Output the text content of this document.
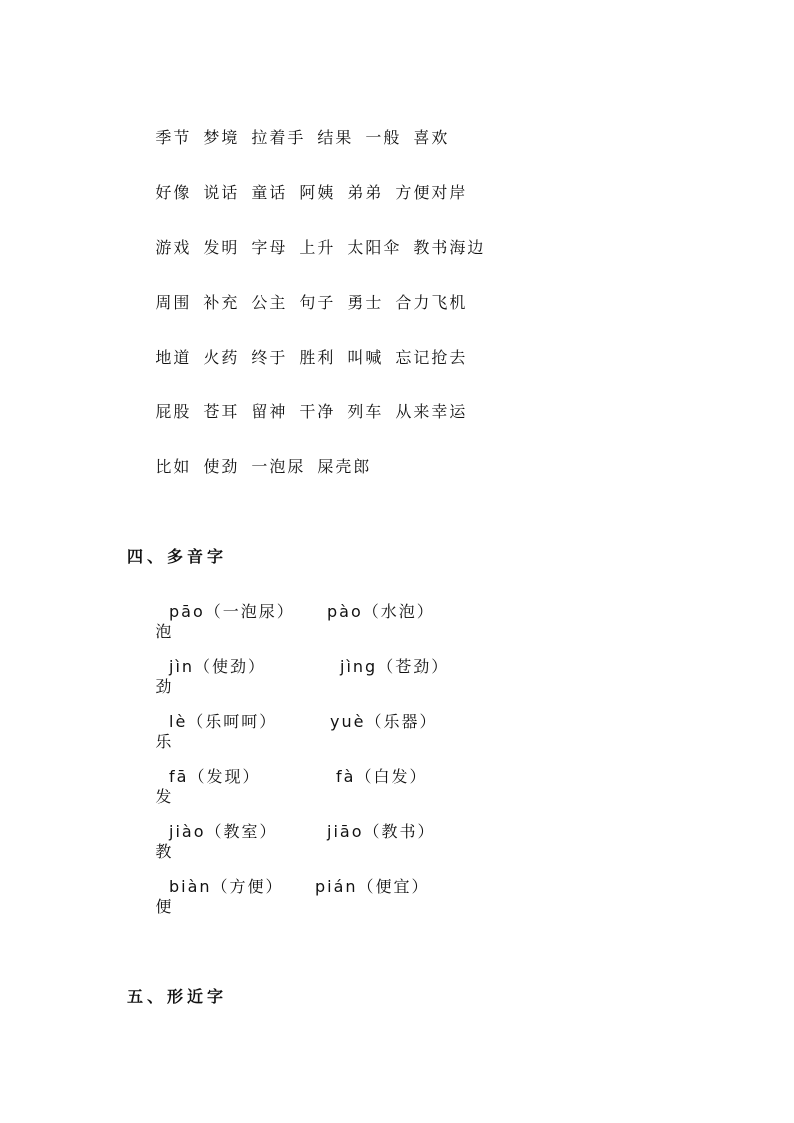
季节 梦境 拉着手 结果 一般 喜欢

好像 说话 童话 阿姨 弟弟 方便对岸

游戏 发明 字母 上升 太阳伞 教书海边

周围 补充 公主 句子 勇士 合力飞机

地道 火药 终于 胜利 叫喊 忘记抢去

屁股 苍耳 留神 干净 列车 从来幸运

比如 使劲 一泡尿 屎壳郎

四、多音字

泡
pāo（一泡尿） pào（水泡）

劲
jìn（使劲）	jìng（苍劲）

乐
lè（乐呵呵）	yuè（乐器）

发
fā（发现）	fà（白发）

教
jiào（教室）	jiāo（教书）

便
biàn（方便） pián（便宜）

五、形近字
